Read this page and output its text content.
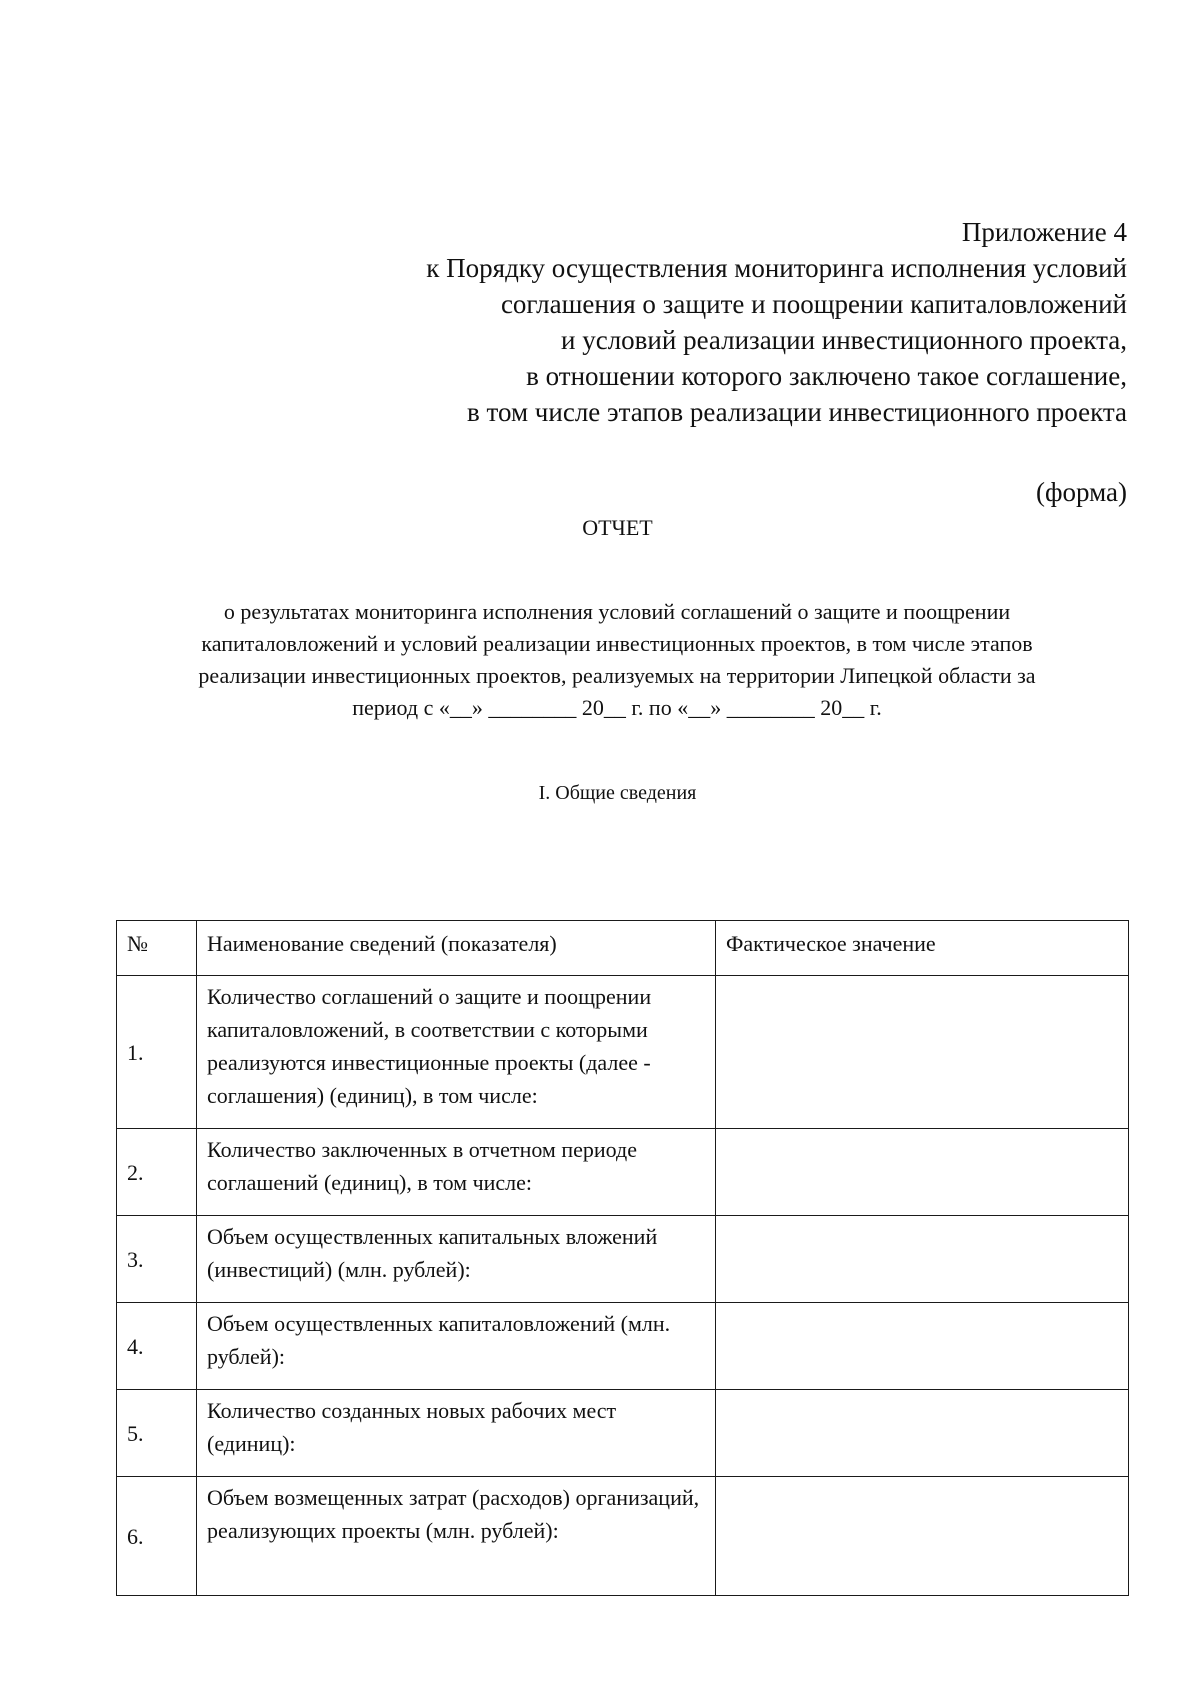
Приложение 4
к Порядку осуществления мониторинга исполнения условий
соглашения о защите и поощрении капиталовложений
и условий реализации инвестиционного проекта,
в отношении которого заключено такое соглашение,
в том числе этапов реализации инвестиционного проекта
(форма)
ОТЧЕТ
о результатах мониторинга исполнения условий соглашений о защите и поощрении
капиталовложений и условий реализации инвестиционных проектов, в том числе этапов
реализации инвестиционных проектов, реализуемых на территории Липецкой области за
период с «__» ________ 20__ г. по «__» ________ 20__ г.
I. Общие сведения
№	Наименование сведений (показателя)	Фактическое значение
1.	Количество соглашений о защите и поощрении капиталовложений, в соответствии с которыми реализуются инвестиционные проекты (далее - соглашения) (единиц), в том числе:	
2.	Количество заключенных в отчетном периоде соглашений (единиц), в том числе:	
3.	Объем осуществленных капитальных вложений (инвестиций) (млн. рублей):	
4.	Объем осуществленных капиталовложений (млн. рублей):	
5.	Количество созданных новых рабочих мест (единиц):	
6.	Объем возмещенных затрат (расходов) организаций, реализующих проекты (млн. рублей):	
